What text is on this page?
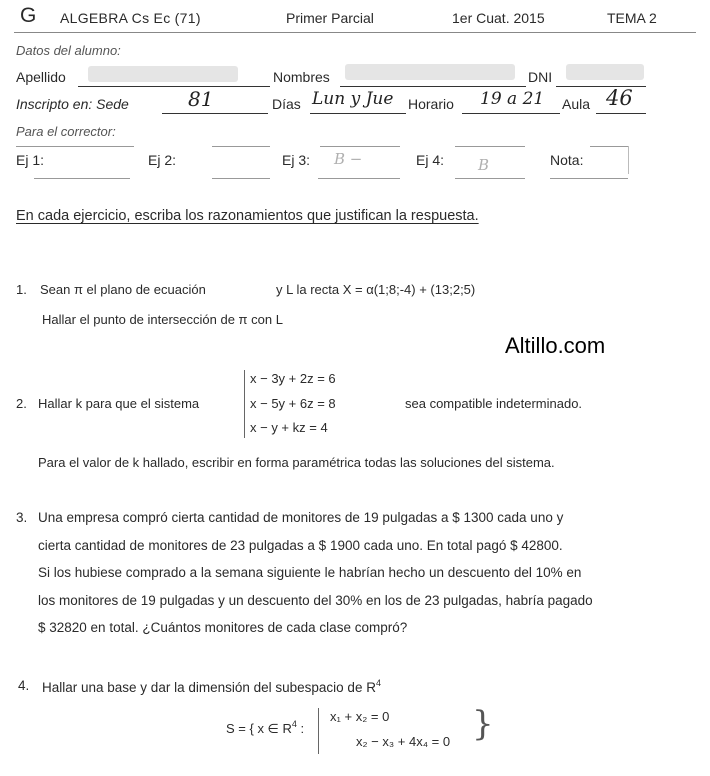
G ALGEBRA Cs Ec (71)	Primer Parcial	1er Cuat. 2015	TEMA 2
Datos del alumno:
Apellido	Nombres	DNI
Inscripto en: Sede	81	Días Lun y Jue Horario 19 a 21 Aula 46
Para el corrector:

Ej 1:	Ej 2:	Ej 3: B −	Ej 4: B	Nota:
En cada ejercicio, escriba los razonamientos que justifican la respuesta.
1. Sean π el plano de ecuación	y L la recta X = α(1;8;-4) + (13;2;5)
Hallar el punto de intersección de π con L
Altillo.com
x − 3y + 2z = 6
2. Hallar k para que el sistema	x − 5y + 6z = 8	sea compatible indeterminado.
x − y + kz = 4
Para el valor de k hallado, escribir en forma paramétrica todas las soluciones del sistema.
3. Una empresa compró cierta cantidad de monitores de 19 pulgadas a $ 1300 cada uno y
cierta cantidad de monitores de 23 pulgadas a $ 1900 cada uno. En total pagó $ 42800.
Si los hubiese comprado a la semana siguiente le habrían hecho un descuento del 10% en
los monitores de 19 pulgadas y un descuento del 30% en los de 23 pulgadas, habría pagado
$ 32820 en total. ¿Cuántos monitores de cada clase compró?
4. Hallar una base y dar la dimensión del subespacio de $R^4$
S = { x ∈ $R^4$ :
x₁ + x₂ = 0
x₂ − x₃ + 4x₄ = 0 }
